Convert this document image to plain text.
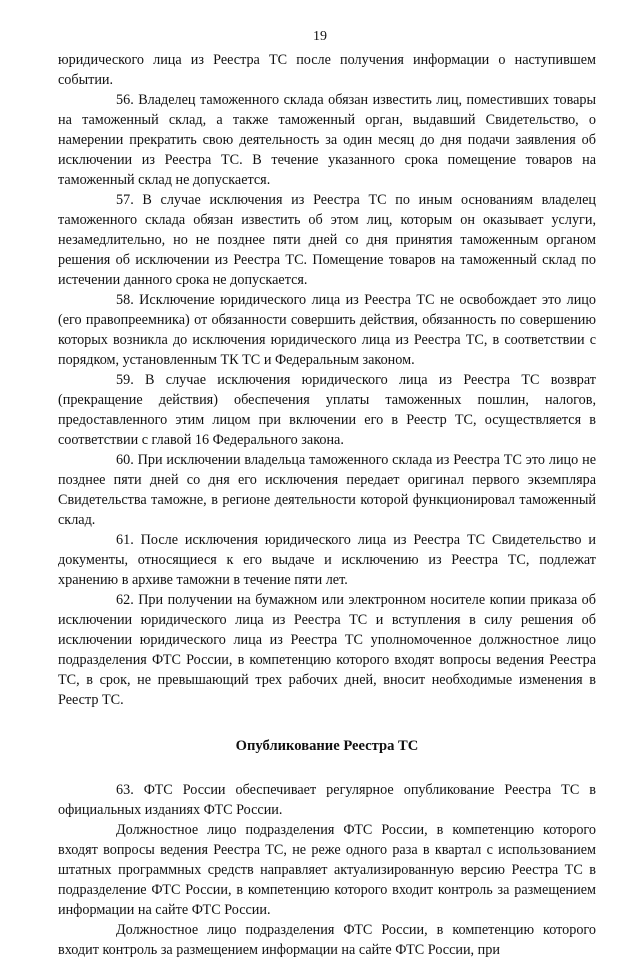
19

юридического лица из Реестра ТС после получения информации о наступившем событии.

56. Владелец таможенного склада обязан известить лиц, поместивших товары на таможенный склад, а также таможенный орган, выдавший Свидетельство, о намерении прекратить свою деятельность за один месяц до дня подачи заявления об исключении из Реестра ТС. В течение указанного срока помещение товаров на таможенный склад не допускается.

57. В случае исключения из Реестра ТС по иным основаниям владелец таможенного склада обязан известить об этом лиц, которым он оказывает услуги, незамедлительно, но не позднее пяти дней со дня принятия таможенным органом решения об исключении из Реестра ТС. Помещение товаров на таможенный склад по истечении данного срока не допускается.

58. Исключение юридического лица из Реестра ТС не освобождает это лицо (его правопреемника) от обязанности совершить действия, обязанность по совершению которых возникла до исключения юридического лица из Реестра ТС, в соответствии с порядком, установленным ТК ТС и Федеральным законом.

59. В случае исключения юридического лица из Реестра ТС возврат (прекращение действия) обеспечения уплаты таможенных пошлин, налогов, предоставленного этим лицом при включении его в Реестр ТС, осуществляется в соответствии с главой 16 Федерального закона.

60. При исключении владельца таможенного склада из Реестра ТС это лицо не позднее пяти дней со дня его исключения передает оригинал первого экземпляра Свидетельства таможне, в регионе деятельности которой функционировал таможенный склад.

61. После исключения юридического лица из Реестра ТС Свидетельство и документы, относящиеся к его выдаче и исключению из Реестра ТС, подлежат хранению в архиве таможни в течение пяти лет.

62. При получении на бумажном или электронном носителе копии приказа об исключении юридического лица из Реестра ТС и вступления в силу решения об исключении юридического лица из Реестра ТС уполномоченное должностное лицо подразделения ФТС России, в компетенцию которого входят вопросы ведения Реестра ТС, в срок, не превышающий трех рабочих дней, вносит необходимые изменения в Реестр ТС.

Опубликование Реестра ТС

63. ФТС России обеспечивает регулярное опубликование Реестра ТС в официальных изданиях ФТС России.

Должностное лицо подразделения ФТС России, в компетенцию которого входят вопросы ведения Реестра ТС, не реже одного раза в квартал с использованием штатных программных средств направляет актуализированную версию Реестра ТС в подразделение ФТС России, в компетенцию которого входит контроль за размещением информации на сайте ФТС России.

Должностное лицо подразделения ФТС России, в компетенцию которого входит контроль за размещением информации на сайте ФТС России, при
